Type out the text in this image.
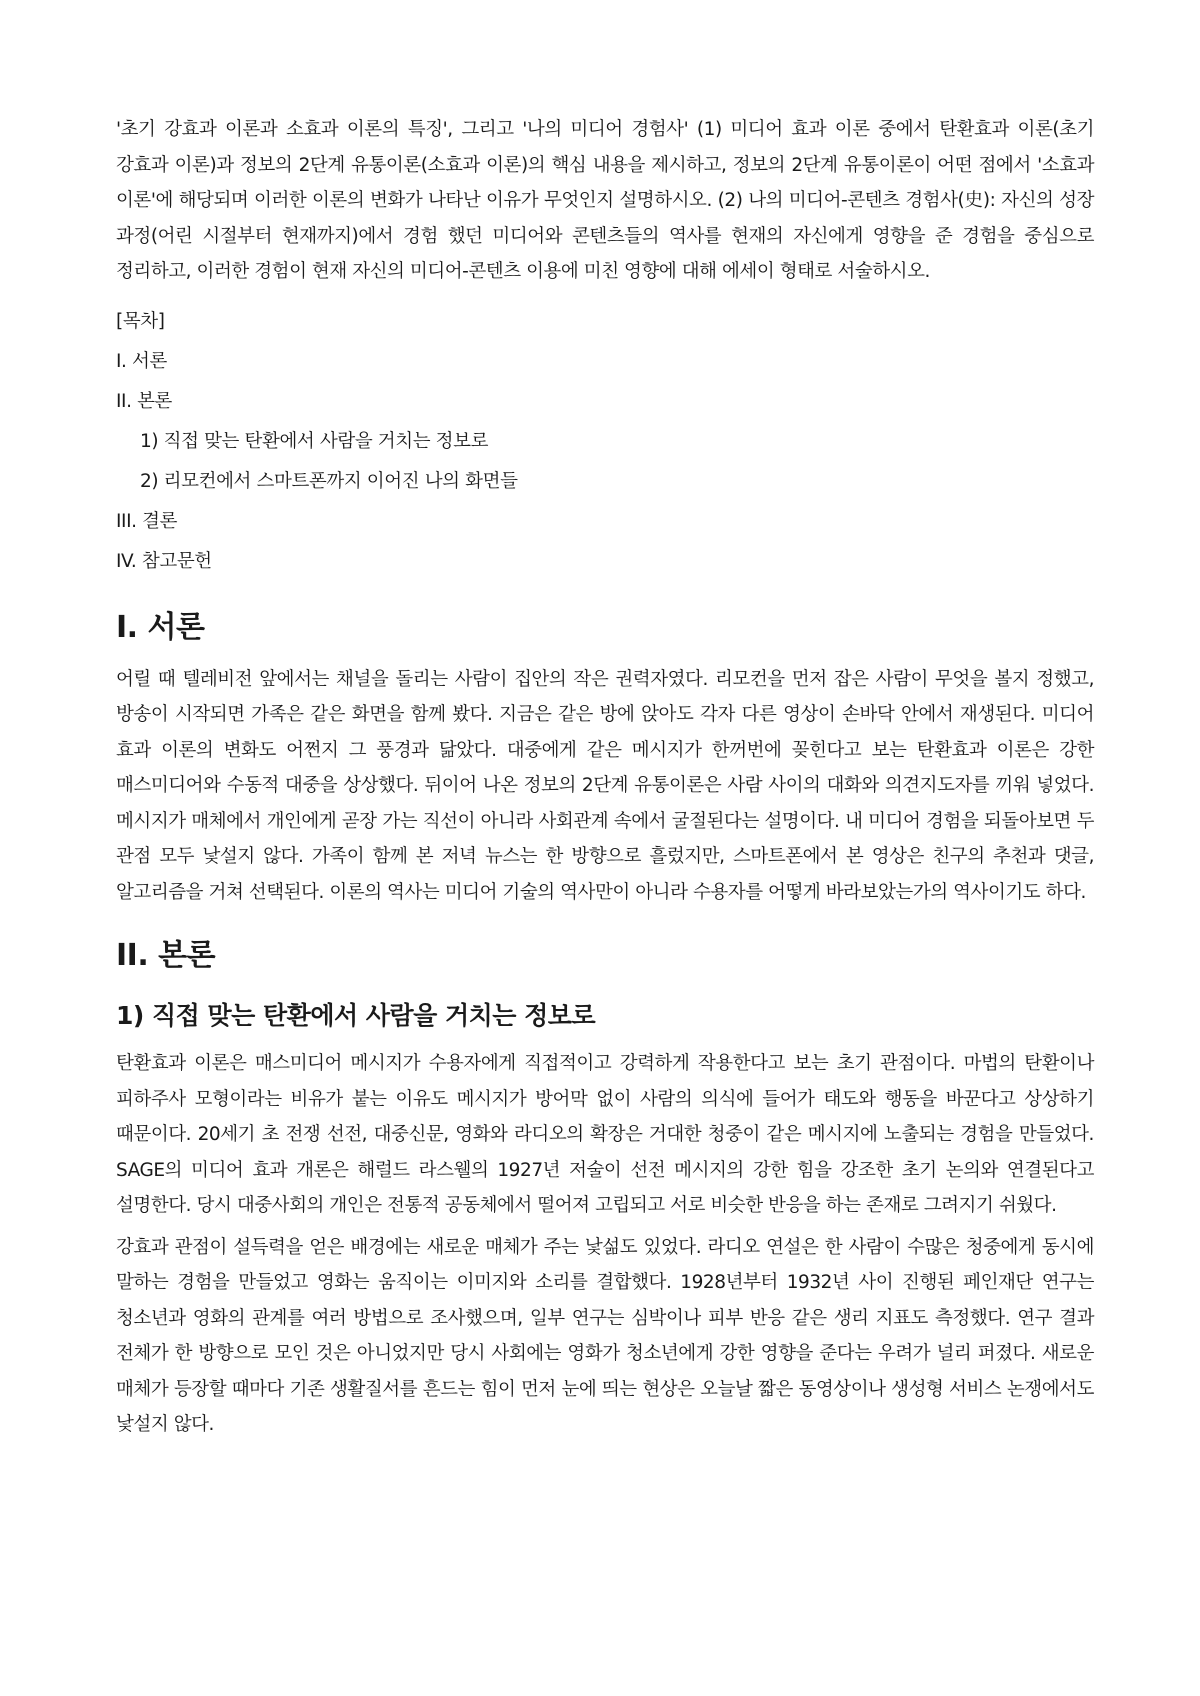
'초기 강효과 이론과 소효과 이론의 특징', 그리고 '나의 미디어 경험사' (1) 미디어 효과 이론 중에서 탄환효과 이론(초기 강효과 이론)과 정보의 2단계 유통이론(소효과 이론)의 핵심 내용을 제시하고, 정보의 2단계 유통이론이 어떤 점에서 '소효과 이론'에 해당되며 이러한 이론의 변화가 나타난 이유가 무엇인지 설명하시오. (2) 나의 미디어-콘텐츠 경험사(史): 자신의 성장 과정(어린 시절부터 현재까지)에서 경험 했던 미디어와 콘텐츠들의 역사를 현재의 자신에게 영향을 준 경험을 중심으로 정리하고, 이러한 경험이 현재 자신의 미디어-콘텐츠 이용에 미친 영향에 대해 에세이 형태로 서술하시오.

[목차]
I. 서론
II. 본론
1) 직접 맞는 탄환에서 사람을 거치는 정보로
2) 리모컨에서 스마트폰까지 이어진 나의 화면들
III. 결론
IV. 참고문헌
I. 서론

어릴 때 텔레비전 앞에서는 채널을 돌리는 사람이 집안의 작은 권력자였다. 리모컨을 먼저 잡은 사람이 무엇을 볼지 정했고, 방송이 시작되면 가족은 같은 화면을 함께 봤다. 지금은 같은 방에 앉아도 각자 다른 영상이 손바닥 안에서 재생된다. 미디어 효과 이론의 변화도 어쩐지 그 풍경과 닮았다. 대중에게 같은 메시지가 한꺼번에 꽂힌다고 보는 탄환효과 이론은 강한 매스미디어와 수동적 대중을 상상했다. 뒤이어 나온 정보의 2단계 유통이론은 사람 사이의 대화와 의견지도자를 끼워 넣었다. 메시지가 매체에서 개인에게 곧장 가는 직선이 아니라 사회관계 속에서 굴절된다는 설명이다. 내 미디어 경험을 되돌아보면 두 관점 모두 낯설지 않다. 가족이 함께 본 저녁 뉴스는 한 방향으로 흘렀지만, 스마트폰에서 본 영상은 친구의 추천과 댓글, 알고리즘을 거쳐 선택된다. 이론의 역사는 미디어 기술의 역사만이 아니라 수용자를 어떻게 바라보았는가의 역사이기도 하다.

II. 본론
1) 직접 맞는 탄환에서 사람을 거치는 정보로

탄환효과 이론은 매스미디어 메시지가 수용자에게 직접적이고 강력하게 작용한다고 보는 초기 관점이다. 마법의 탄환이나 피하주사 모형이라는 비유가 붙는 이유도 메시지가 방어막 없이 사람의 의식에 들어가 태도와 행동을 바꾼다고 상상하기 때문이다. 20세기 초 전쟁 선전, 대중신문, 영화와 라디오의 확장은 거대한 청중이 같은 메시지에 노출되는 경험을 만들었다. SAGE의 미디어 효과 개론은 해럴드 라스웰의 1927년 저술이 선전 메시지의 강한 힘을 강조한 초기 논의와 연결된다고 설명한다. 당시 대중사회의 개인은 전통적 공동체에서 떨어져 고립되고 서로 비슷한 반응을 하는 존재로 그려지기 쉬웠다.

강효과 관점이 설득력을 얻은 배경에는 새로운 매체가 주는 낯섦도 있었다. 라디오 연설은 한 사람이 수많은 청중에게 동시에 말하는 경험을 만들었고 영화는 움직이는 이미지와 소리를 결합했다. 1928년부터 1932년 사이 진행된 페인재단 연구는 청소년과 영화의 관계를 여러 방법으로 조사했으며, 일부 연구는 심박이나 피부 반응 같은 생리 지표도 측정했다. 연구 결과 전체가 한 방향으로 모인 것은 아니었지만 당시 사회에는 영화가 청소년에게 강한 영향을 준다는 우려가 널리 퍼졌다. 새로운 매체가 등장할 때마다 기존 생활질서를 흔드는 힘이 먼저 눈에 띄는 현상은 오늘날 짧은 동영상이나 생성형 서비스 논쟁에서도 낯설지 않다.
